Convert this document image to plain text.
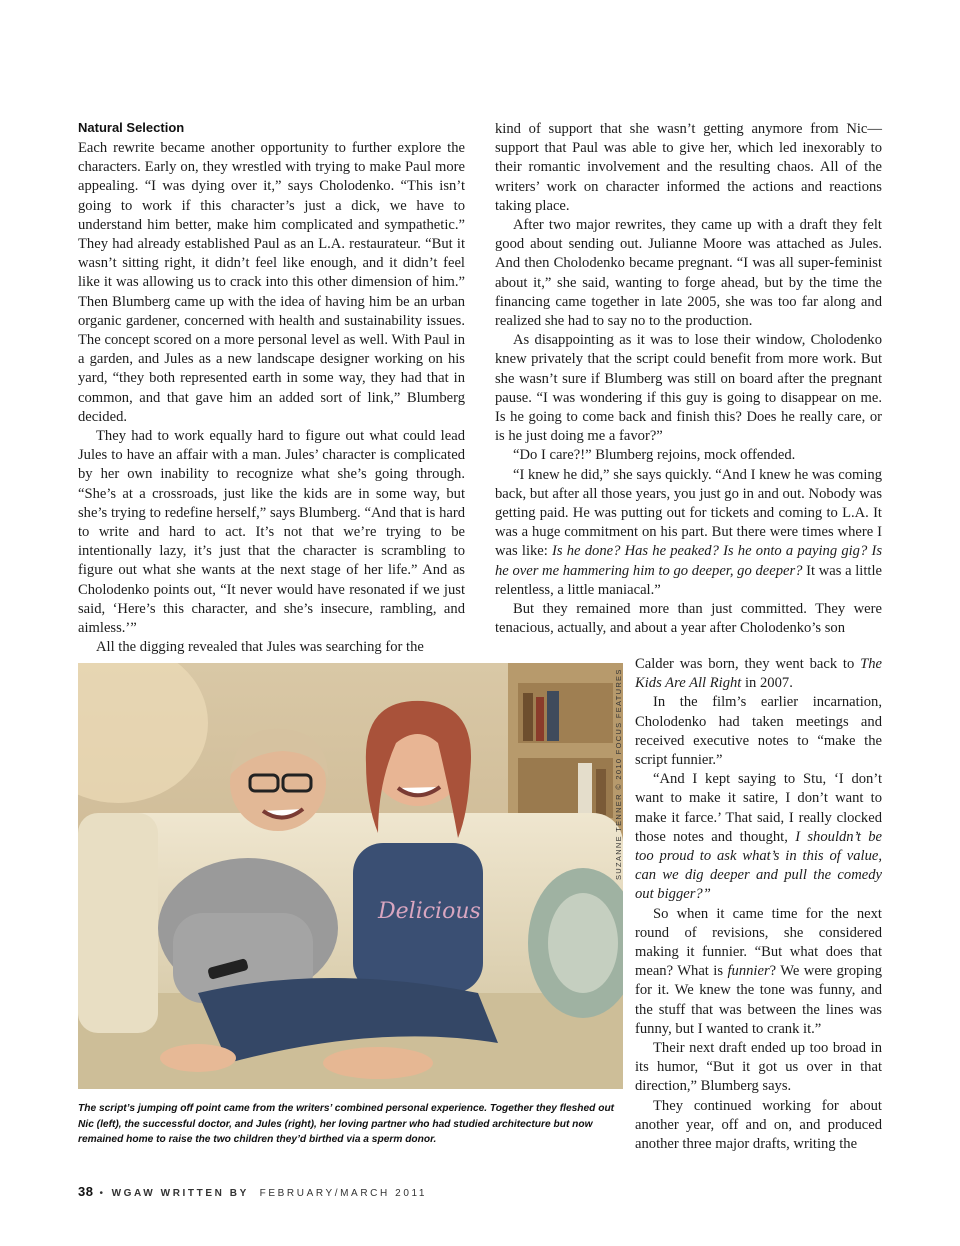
Natural Selection

Each rewrite became another opportunity to further explore the characters. Early on, they wrestled with trying to make Paul more appealing. “I was dying over it,” says Cholodenko. “This isn’t going to work if this character’s just a dick, we have to understand him better, make him complicated and sympathetic.” They had already established Paul as an L.A. restaurateur. “But it wasn’t sitting right, it didn’t feel like enough, and it didn’t feel like it was allowing us to crack into this other dimension of him.” Then Blumberg came up with the idea of having him be an urban organic gardener, concerned with health and sustainability issues. The concept scored on a more personal level as well. With Paul in a garden, and Jules as a new landscape designer working on his yard, “they both represented earth in some way, they had that in common, and that gave him an added sort of link,” Blumberg decided.

They had to work equally hard to figure out what could lead Jules to have an affair with a man. Jules’ character is complicated by her own inability to recognize what she’s going through. “She’s at a crossroads, just like the kids are in some way, but she’s trying to redefine herself,” says Blumberg. “And that is hard to write and hard to act. It’s not that we’re trying to be intentionally lazy, it’s just that the character is scrambling to figure out what she wants at the next stage of her life.” And as Cholodenko points out, “It never would have resonated if we just said, ‘Here’s this character, and she’s insecure, rambling, and aimless.’”

All the digging revealed that Jules was searching for the

kind of support that she wasn’t getting anymore from Nic—support that Paul was able to give her, which led inexorably to their romantic involvement and the resulting chaos. All of the writers’ work on character informed the actions and reactions taking place.

After two major rewrites, they came up with a draft they felt good about sending out. Julianne Moore was attached as Jules. And then Cholodenko became pregnant. “I was all super-feminist about it,” she said, wanting to forge ahead, but by the time the financing came together in late 2005, she was too far along and realized she had to say no to the production.

As disappointing as it was to lose their window, Cholodenko knew privately that the script could benefit from more work. But she wasn’t sure if Blumberg was still on board after the pregnant pause. “I was wondering if this guy is going to disappear on me. Is he going to come back and finish this? Does he really care, or is he just doing me a favor?”

“Do I care?!” Blumberg rejoins, mock offended.

“I knew he did,” she says quickly. “And I knew he was coming back, but after all those years, you just go in and out. Nobody was getting paid. He was putting out for tickets and coming to L.A. It was a huge commitment on his part. But there were times where I was like: Is he done? Has he peaked? Is he onto a paying gig? Is he over me hammering him to go deeper, go deeper? It was a little relentless, a little maniacal.”

But they remained more than just committed. They were tenacious, actually, and about a year after Cholodenko’s son

Calder was born, they went back to The Kids Are All Right in 2007.

In the film’s earlier incarnation, Cholodenko had taken meetings and received executive notes to “make the script funnier.”

“And I kept saying to Stu, ‘I don’t want to make it satire, I don’t want to make it farce.’ That said, I really clocked those notes and thought, I shouldn’t be too proud to ask what’s in this of value, can we dig deeper and pull the comedy out bigger?”

So when it came time for the next round of revisions, she considered making it funnier. “But what does that mean? What is funnier? We were groping for it. We knew the tone was funny, and the stuff that was between the lines was funny, but I wanted to crank it.”

Their next draft ended up too broad in its humor, “But it got us over in that direction,” Blumberg says.

They continued working for about another year, off and on, and produced another three major drafts, writing the

Delicious
SUZANNE TENNER © 2010 FOCUS FEATURES
The script’s jumping off point came from the writers’ combined personal experience. Together they fleshed out Nic (left), the successful doctor, and Jules (right), her loving partner who had studied architecture but now remained home to raise the two children they’d birthed via a sperm donor.
38 • WGAW WRITTEN BY FEBRUARY/MARCH 2011
